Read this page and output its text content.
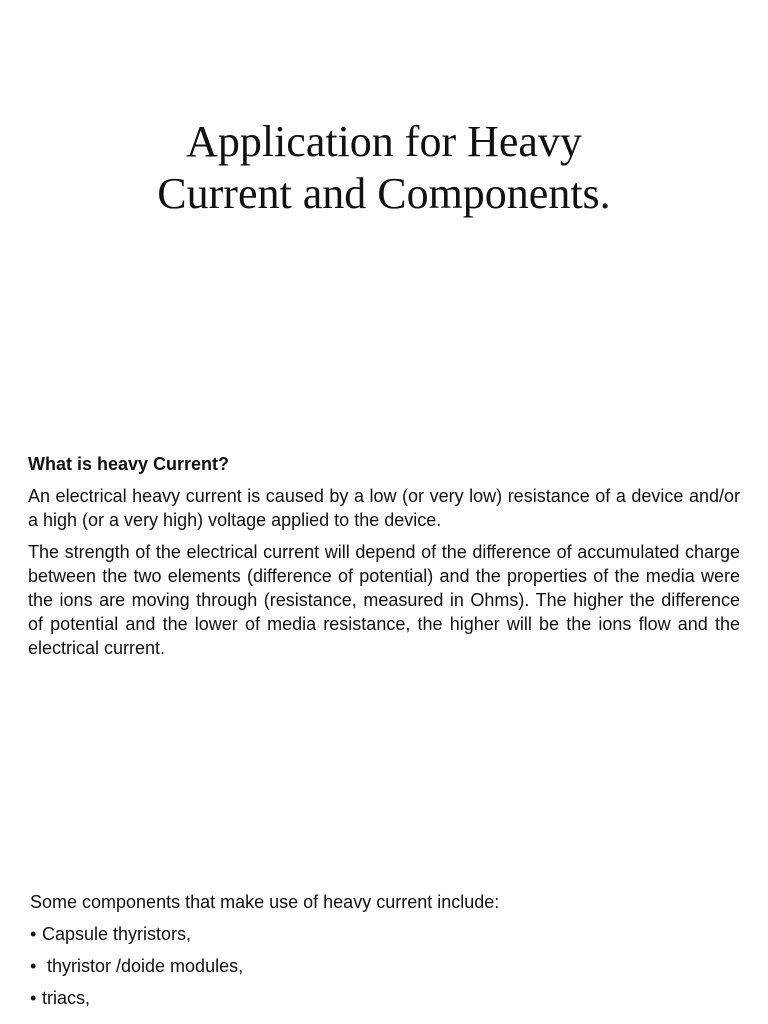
Application for Heavy
Current and Components.

What is heavy Current?

An electrical heavy current is caused by a low (or very low) resistance of a device and/or a high (or a very high) voltage applied to the device.

The strength of the electrical current will depend of the difference of accumulated charge between the two elements (difference of potential) and the properties of the media were the ions are moving through (resistance, measured in Ohms). The higher the difference of potential and the lower of media resistance, the higher will be the ions flow and the electrical current.

Some components that make use of heavy current include:

• Capsule thyristors,
• thyristor /doide modules,
• triacs,
